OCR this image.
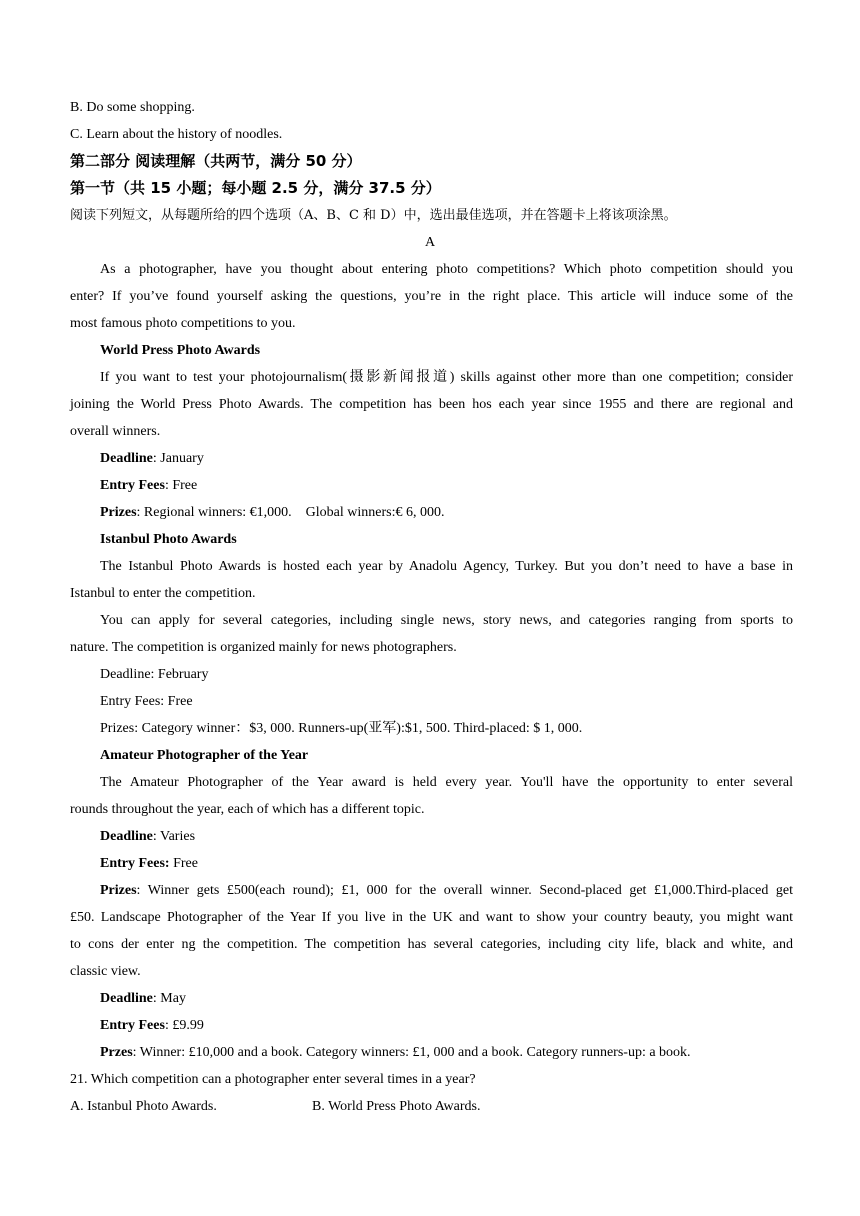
B. Do some shopping.
C. Learn about the history of noodles.
第二部分 阅读理解（共两节，满分 50 分）
第一节（共 15 小题；每小题 2.5 分，满分 37.5 分）
阅读下列短文，从每题所给的四个选项（A、B、C 和 D）中，选出最佳选项，并在答题卡上将该项涂黑。
A
As a photographer, have you thought about entering photo competitions? Which photo competition should you
enter? If you’ve found yourself asking the questions, you’re in the right place. This article will induce some of the
most famous photo competitions to you.
World Press Photo Awards
If you want to test your photojournalism(摄影新闻报道) skills against other more than one competition; consider
joining the World Press Photo Awards. The competition has been hos each year since 1955 and there are regional and
overall winners.
Deadline: January
Entry Fees: Free
Prizes: Regional winners: €1,000.    Global winners:€ 6, 000.
Istanbul Photo Awards
The Istanbul Photo Awards is hosted each year by Anadolu Agency, Turkey. But you don’t need to have a base in
Istanbul to enter the competition.
You can apply for several categories, including single news, story news, and categories ranging from sports to
nature. The competition is organized mainly for news photographers.
Deadline: February
Entry Fees: Free
Prizes: Category winner：$3, 000. Runners-up(亚军):$1, 500. Third-placed: $ 1, 000.
Amateur Photographer of the Year
The Amateur Photographer of the Year award is held every year. You'll have the opportunity to enter several
rounds throughout the year, each of which has a different topic.
Deadline: Varies
Entry Fees: Free
Prizes: Winner gets £500(each round); £1, 000 for the overall winner. Second-placed get £1,000.Third-placed get
£50. Landscape Photographer of the Year If you live in the UK and want to show your country beauty, you might want
to cons der enter ng the competition. The competition has several categories, including city life, black and white, and
classic view.
Deadline: May
Entry Fees: £9.99
Przes: Winner: £10,000 and a book. Category winners: £1, 000 and a book. Category runners-up: a book.
21. Which competition can a photographer enter several times in a year?
A. Istanbul Photo Awards.	B. World Press Photo Awards.
